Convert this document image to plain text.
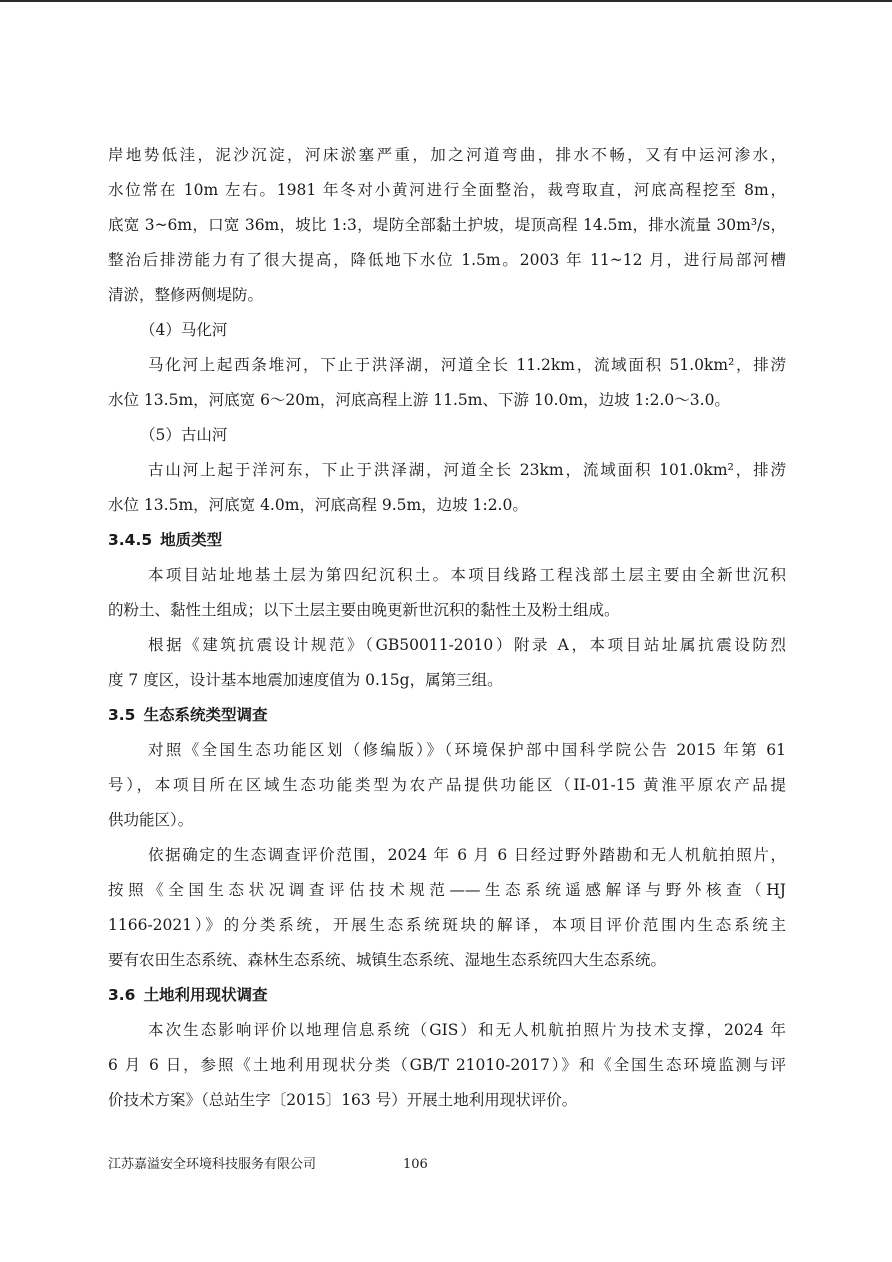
岸地势低洼，泥沙沉淀，河床淤塞严重，加之河道弯曲，排水不畅，又有中运河渗水，
水位常在 10m 左右。1981 年冬对小黄河进行全面整治，裁弯取直，河底高程挖至 8m，
底宽 3~6m，口宽 36m，坡比 1:3，堤防全部黏土护坡，堤顶高程 14.5m，排水流量 30m³/s，
整治后排涝能力有了很大提高，降低地下水位 1.5m。2003 年 11~12 月，进行局部河槽
清淤，整修两侧堤防。
（4）马化河
马化河上起西条堆河，下止于洪泽湖，河道全长 11.2km，流域面积 51.0km²，排涝
水位 13.5m，河底宽 6～20m，河底高程上游 11.5m、下游 10.0m，边坡 1:2.0～3.0。
（5）古山河
古山河上起于洋河东，下止于洪泽湖，河道全长 23km，流域面积 101.0km²，排涝
水位 13.5m，河底宽 4.0m，河底高程 9.5m，边坡 1:2.0。
3.4.5 地质类型
本项目站址地基土层为第四纪沉积土。本项目线路工程浅部土层主要由全新世沉积
的粉土、黏性土组成；以下土层主要由晚更新世沉积的黏性土及粉土组成。
根据《建筑抗震设计规范》（GB50011-2010）附录 A，本项目站址属抗震设防烈
度 7 度区，设计基本地震加速度值为 0.15g，属第三组。
3.5 生态系统类型调查
对照《全国生态功能区划（修编版）》（环境保护部中国科学院公告 2015 年第 61
号），本项目所在区域生态功能类型为农产品提供功能区（II-01-15 黄淮平原农产品提
供功能区）。
依据确定的生态调查评价范围，2024 年 6 月 6 日经过野外踏勘和无人机航拍照片，
按照《全国生态状况调查评估技术规范——生态系统遥感解译与野外核查（HJ
1166-2021）》的分类系统，开展生态系统斑块的解译，本项目评价范围内生态系统主
要有农田生态系统、森林生态系统、城镇生态系统、湿地生态系统四大生态系统。
3.6 土地利用现状调查
本次生态影响评价以地理信息系统（GIS）和无人机航拍照片为技术支撑，2024 年
6 月 6 日，参照《土地利用现状分类（GB/T 21010-2017）》和《全国生态环境监测与评
价技术方案》（总站生字〔2015〕163 号）开展土地利用现状评价。
江苏嘉溢安全环境科技服务有限公司	106
